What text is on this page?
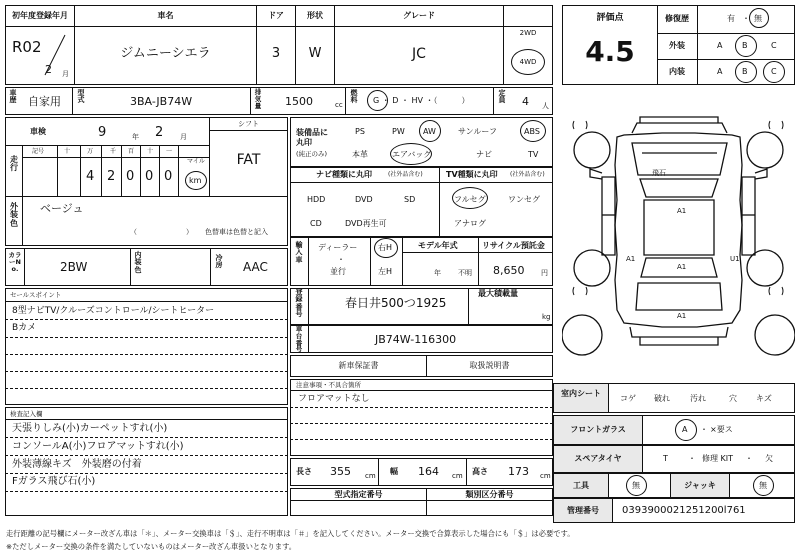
初年度登録年月
R02
2 月
車名
ジムニーシエラ
ドア
3
形状
W
グレード
JC
2WD
4WD
車歴 自家用
型式	3BA-JB74W
排気量 1500	cc
燃料 G ・ D ・ HV ・（　　　）
定員 4 人
車検	9	年 2 月
シフト
FAT
走行
記号	十	万	千 百 十 一
マイル
4 2 0 0 0 km
外装色
ベージュ
（　　　　　　　） 色替車は色替と記入
カラーNo.	2BW
内装色
冷房 AAC
装備品に丸印
(純正のみ)
PS	PW AW	サンルーフ	ABS
本革	エアバッグ	ナビ	TV
ナビ種類に丸印	(社外品含む)
HDD	DVD	SD
CD	DVD再生可
TV種類に丸印 (社外品含む)
フルセグ	ワンセグ
アナログ
輸入車
ディーラー
・
並行
右H
左H
モデル年式
年 不明
リサイクル預託金
8,650 円
セールスポイント
8型ナビTV/クルーズコントロール/シートヒーター
Bカメ
登録番号
春日井500つ1925
最大積載量
kg
車台番号
JB74W-116300
新車保証書	取扱説明書
注意事項・不具合箇所
フロアマットなし
検査記入欄
天張りしみ(小)カーペットすれ(小)
コンソールA(小)フロアマットすれ(小)
外装薄線キズ　外装磨の付着
Fガラス飛び石(小)
長さ 355 cm 幅 164 cm 高さ 173 cm
型式指定番号	類別区分番号
評価点
4.5
修復歴	有 ・ 無
外装	A B	C
内装	A B	C
飛石
A1
A1	U1
A1
A1
室内シート
コゲ 破れ	汚れ	穴 キズ
フロントガラス	A ・ ×要ス
スペアタイヤ	T	・ 修理 KIT ・ 欠
工具	無	ジャッキ	無
管理番号	0393900021251200l761
走行距離の記号欄にメーター改ざん車は「＊」、メーター交換車は「＄」、走行不明車は「＃」を記入してください。メーター交換で合算表示した場合にも「＄」は必要です。
※ただしメーター交換の条件を満たしていないものはメーター改ざん車扱いとなります。
